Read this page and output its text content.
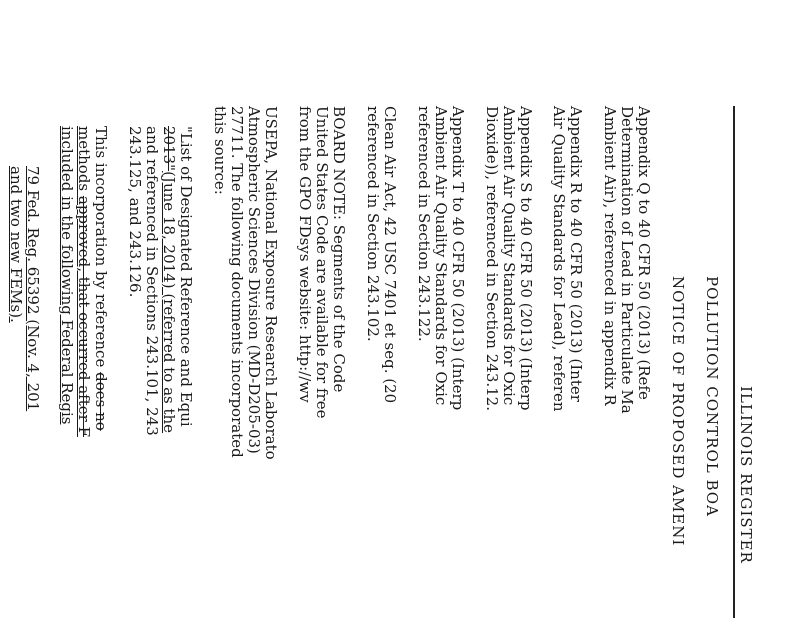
ILLINOIS REGISTER
POLLUTION CONTROL BOA
NOTICE OF PROPOSED AMENI
Appendix Q to 40 CFR 50 (2013) (Refe
Determination of Lead in Particulate Ma
Ambient Air), referenced in appendix R
Appendix R to 40 CFR 50 (2013) (Inter
Air Quality Standards for Lead), referen
Appendix S to 40 CFR 50 (2013) (Interp
Ambient Air Quality Standards for Oxic
Dioxide)), referenced in Section 243.12.
Appendix T to 40 CFR 50 (2013) (Interp
Ambient Air Quality Standards for Oxic
referenced in Section 243.122.
Clean Air Act, 42 USC 7401 et seq. (20
referenced in Section 243.102.
BOARD NOTE: Segments of the Code
United States Code are available for free
from the GPO FDsys website: http://wv
USEPA, National Exposure Research Laborato
Atmospheric Sciences Division (MD-D205-03)
27711. The following documents incorporated
this source:
"List of Designated Reference and Equi
2013"(June 18, 2014) (referred to as the
and referenced in Sections 243.101, 243
243.125, and 243.126.
This incorporation by reference does no
methods approved, that occurred after F
included in the following Federal Regis
79 Fed. Reg. 65392 (Nov. 4, 201
and two new FEMs).
